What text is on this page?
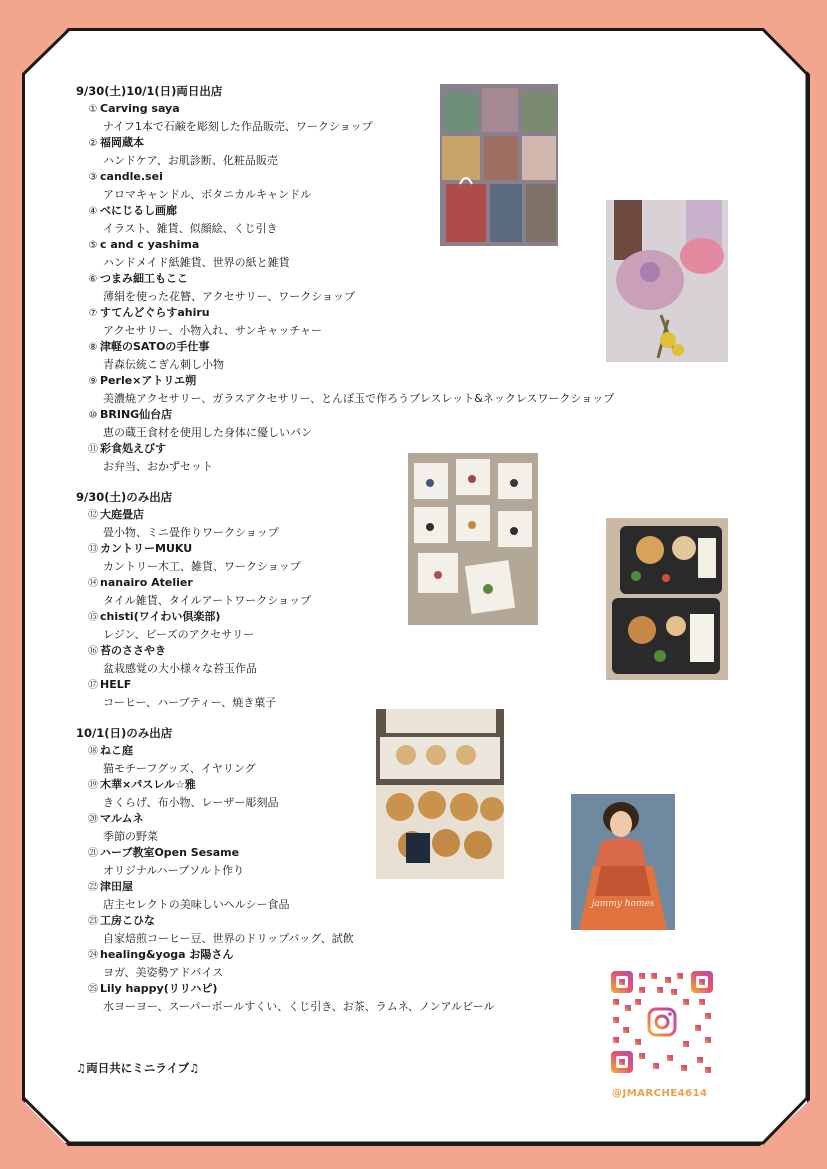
9/30(土)10/1(日)両日出店
① Carving saya
ナイフ1本で石鹸を彫刻した作品販売、ワークショップ
② 福岡蔵本
ハンドケア、お肌診断、化粧品販売
③ candle.sei
アロマキャンドル、ボタニカルキャンドル
④ べにじるし画廊
イラスト、雑貨、似顔絵、くじ引き
⑤ c and c yashima
ハンドメイド紙雑貨、世界の紙と雑貨
⑥ つまみ細工もここ
薄絹を使った花簪、アクセサリー、ワークショップ
⑦ すてんどぐらすahiru
アクセサリー、小物入れ、サンキャッチャー
⑧ 津軽のSATOの手仕事
青森伝統こぎん刺し小物
⑨ Perle×アトリエ朔
美濃焼アクセサリー、ガラスアクセサリー、とんぼ玉で作ろうブレスレット&ネックレスワークショップ
⑩ BRING仙台店
恵の蔵王食材を使用した身体に優しいパン
⑪ 彩食処えびす
お弁当、おかずセット
9/30(土)のみ出店
⑫ 大庭畳店
畳小物、ミニ畳作りワークショップ
⑬ カントリーMUKU
カントリー木工、雑貨、ワークショップ
⑭ nanairo Atelier
タイル雑貨、タイルアートワークショップ
⑮ chisti(ワイわい倶楽部)
レジン、ビーズのアクセサリー
⑯ 苔のささやき
盆栽感覚の大小様々な苔玉作品
⑰ HELF
コーヒー、ハーブティー、焼き菓子
10/1(日)のみ出店
⑱ ねこ庭
猫モチーフグッズ、イヤリング
⑲ 木華×パスレル☆雅
きくらげ、布小物、レーザー彫刻品
⑳ マルムネ
季節の野菜
㉑ ハーブ教室Open Sesame
オリジナルハーブソルト作り
㉒ 津田屋
店主セレクトの美味しいヘルシー食品
㉓ 工房こひな
自家焙煎コーヒー豆、世界のドリップバッグ、試飲
㉔ healing&yoga お陽さん
ヨガ、美姿勢アドバイス
㉕ Lily happy(リリハピ)
水ヨーヨー、スーパーボールすくい、くじ引き、お茶、ラムネ、ノンアルビール
jammy homes
@JMARCHE4614
♫両日共にミニライブ♫
